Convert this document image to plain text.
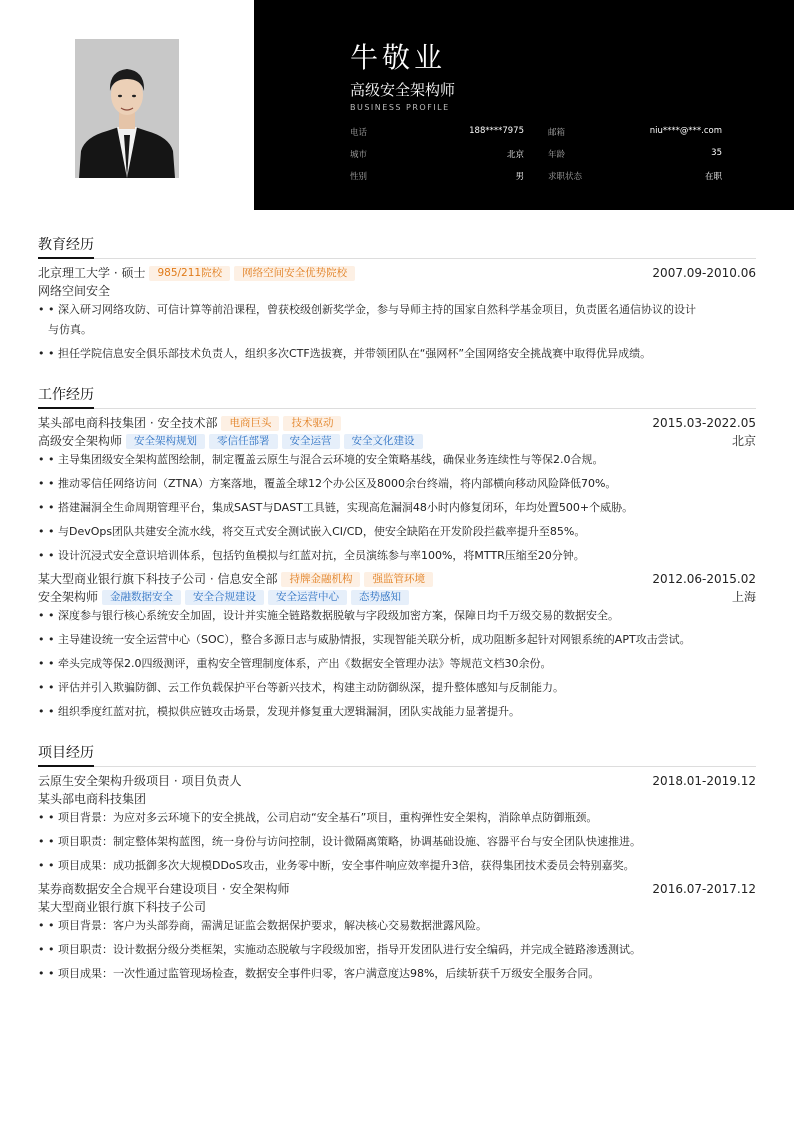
牛敬业
高级安全架构师
BUSINESS PROFILE
电话	188****7975	邮箱	niu****@***.com
城市	北京	年龄	35
性别	男	求职状态	在职
教育经历
北京理工大学 · 硕士 985/211院校 网络空间安全优势院校	2007.09-2010.06
网络空间安全
• • 深入研习网络攻防、可信计算等前沿课程，曾获校级创新奖学金，参与导师主持的国家自然科学基金项目，负责匿名通信协议的设计
与仿真。
• • 担任学院信息安全俱乐部技术负责人，组织多次CTF选拔赛，并带领团队在“强网杯”全国网络安全挑战赛中取得优异成绩。
工作经历
某头部电商科技集团 · 安全技术部 电商巨头 技术驱动	2015.03-2022.05
高级安全架构师 安全架构规划 零信任部署 安全运营 安全文化建设	北京
• • 主导集团级安全架构蓝图绘制，制定覆盖云原生与混合云环境的安全策略基线，确保业务连续性与等保2.0合规。
• • 推动零信任网络访问（ZTNA）方案落地，覆盖全球12个办公区及8000余台终端，将内部横向移动风险降低70%。
• • 搭建漏洞全生命周期管理平台，集成SAST与DAST工具链，实现高危漏洞48小时内修复闭环，年均处置500+个威胁。
• • 与DevOps团队共建安全流水线，将交互式安全测试嵌入CI/CD，使安全缺陷在开发阶段拦截率提升至85%。
• • 设计沉浸式安全意识培训体系，包括钓鱼模拟与红蓝对抗，全员演练参与率100%，将MTTR压缩至20分钟。
某大型商业银行旗下科技子公司 · 信息安全部 持牌金融机构 强监管环境	2012.06-2015.02
安全架构师 金融数据安全 安全合规建设 安全运营中心 态势感知	上海
• • 深度参与银行核心系统安全加固，设计并实施全链路数据脱敏与字段级加密方案，保障日均千万级交易的数据安全。
• • 主导建设统一安全运营中心（SOC），整合多源日志与威胁情报，实现智能关联分析，成功阻断多起针对网银系统的APT攻击尝试。
• • 牵头完成等保2.0四级测评，重构安全管理制度体系，产出《数据安全管理办法》等规范文档30余份。
• • 评估并引入欺骗防御、云工作负载保护平台等新兴技术，构建主动防御纵深，提升整体感知与反制能力。
• • 组织季度红蓝对抗，模拟供应链攻击场景，发现并修复重大逻辑漏洞，团队实战能力显著提升。
项目经历
云原生安全架构升级项目 · 项目负责人	2018.01-2019.12
某头部电商科技集团
• • 项目背景：为应对多云环境下的安全挑战，公司启动“安全基石”项目，重构弹性安全架构，消除单点防御瓶颈。
• • 项目职责：制定整体架构蓝图，统一身份与访问控制，设计微隔离策略，协调基础设施、容器平台与安全团队快速推进。
• • 项目成果：成功抵御多次大规模DDoS攻击，业务零中断，安全事件响应效率提升3倍，获得集团技术委员会特别嘉奖。
某券商数据安全合规平台建设项目 · 安全架构师	2016.07-2017.12
某大型商业银行旗下科技子公司
• • 项目背景：客户为头部券商，需满足证监会数据保护要求，解决核心交易数据泄露风险。
• • 项目职责：设计数据分级分类框架，实施动态脱敏与字段级加密，指导开发团队进行安全编码，并完成全链路渗透测试。
• • 项目成果：一次性通过监管现场检查，数据安全事件归零，客户满意度达98%，后续斩获千万级安全服务合同。
